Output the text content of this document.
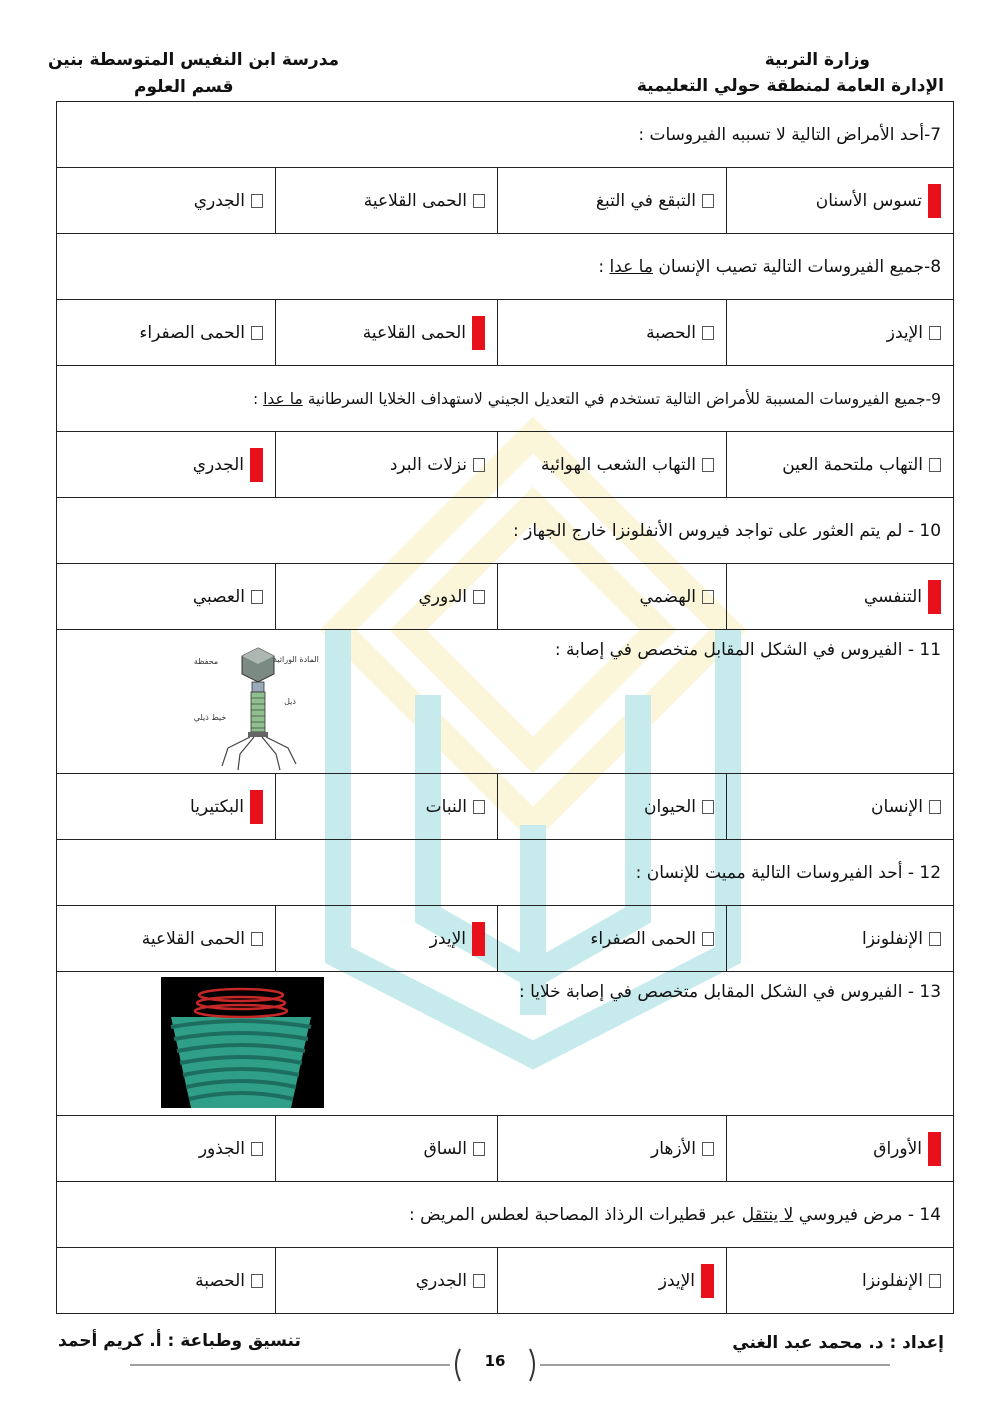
وزارة التربية
الإدارة العامة لمنطقة حولي التعليمية
مدرسة ابن النفيس المتوسطة بنين
قسم العلوم
7-أحد الأمراض التالية لا تسببه الفيروسات :			

تسوس الأسنان	التبقع في التبغ	الحمى القلاعية	الجدري

8-جميع الفيروسات التالية تصيب الإنسان ما عدا :			

الإيدز	الحصبة	الحمى القلاعية	الحمى الصفراء

9-جميع الفيروسات المسببة للأمراض التالية تستخدم في التعديل الجيني لاستهداف الخلايا السرطانية ما عدا :			

التهاب ملتحمة العين	التهاب الشعب الهوائية	نزلات البرد	الجدري

10 - لم يتم العثور على تواجد فيروس الأنفلونزا خارج الجهاز :			

التنفسي	الهضمي	الدوري	العصبي

11 - الفيروس في الشكل المقابل متخصص في إصابة :			

الإنسان	الحيوان	النبات	البكتيريا

12 - أحد الفيروسات التالية مميت للإنسان :			

الإنفلونزا	الحمى الصفراء	الإيدز	الحمى القلاعية

13 - الفيروس في الشكل المقابل متخصص في إصابة خلايا :			

الأوراق	الأزهار	الساق	الجذور

14 - مرض فيروسي لا ينتقل عبر قطيرات الرذاذ المصاحبة لعطس المريض :			

الإنفلونزا	الإيدز	الجدري	الحصبة
المادة الوراثية
محفظة
ذيل
خيط ذيلي
إعداد : د. محمد عبد الغني
تنسيق وطباعة : أ. كريم أحمد
16
